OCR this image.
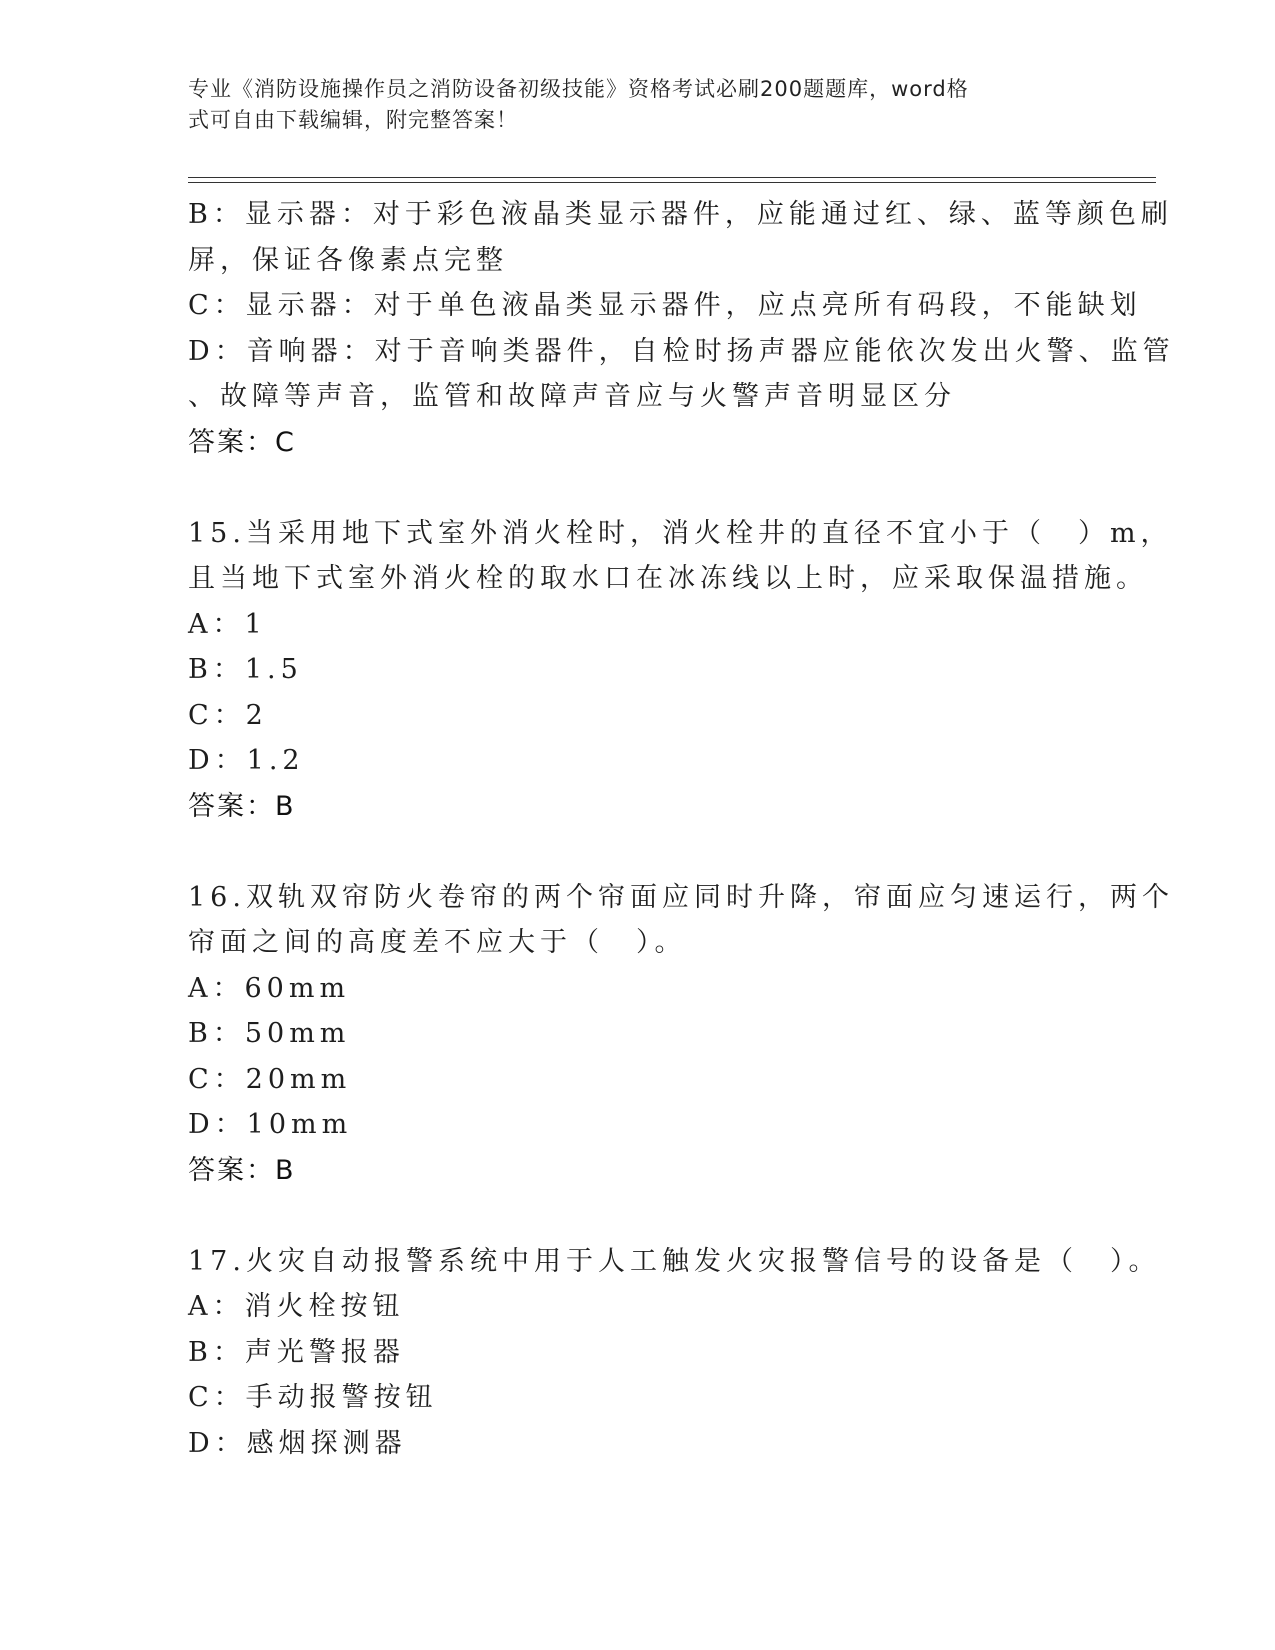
专业《消防设施操作员之消防设备初级技能》资格考试必刷200题题库，word格
式可自由下载编辑，附完整答案！
B：显示器：对于彩色液晶类显示器件，应能通过红、绿、蓝等颜色刷
屏，保证各像素点完整
C：显示器：对于单色液晶类显示器件，应点亮所有码段，不能缺划
D：音响器：对于音响类器件，自检时扬声器应能依次发出火警、监管
、故障等声音，监管和故障声音应与火警声音明显区分
答案：C
15.当采用地下式室外消火栓时，消火栓井的直径不宜小于（　）m，
且当地下式室外消火栓的取水口在冰冻线以上时，应采取保温措施。
A：1
B：1.5
C：2
D：1.2
答案：B
16.双轨双帘防火卷帘的两个帘面应同时升降，帘面应匀速运行，两个
帘面之间的高度差不应大于（　）。
A：60mm
B：50mm
C：20mm
D：10mm
答案：B
17.火灾自动报警系统中用于人工触发火灾报警信号的设备是（　）。
A：消火栓按钮
B：声光警报器
C：手动报警按钮
D：感烟探测器
